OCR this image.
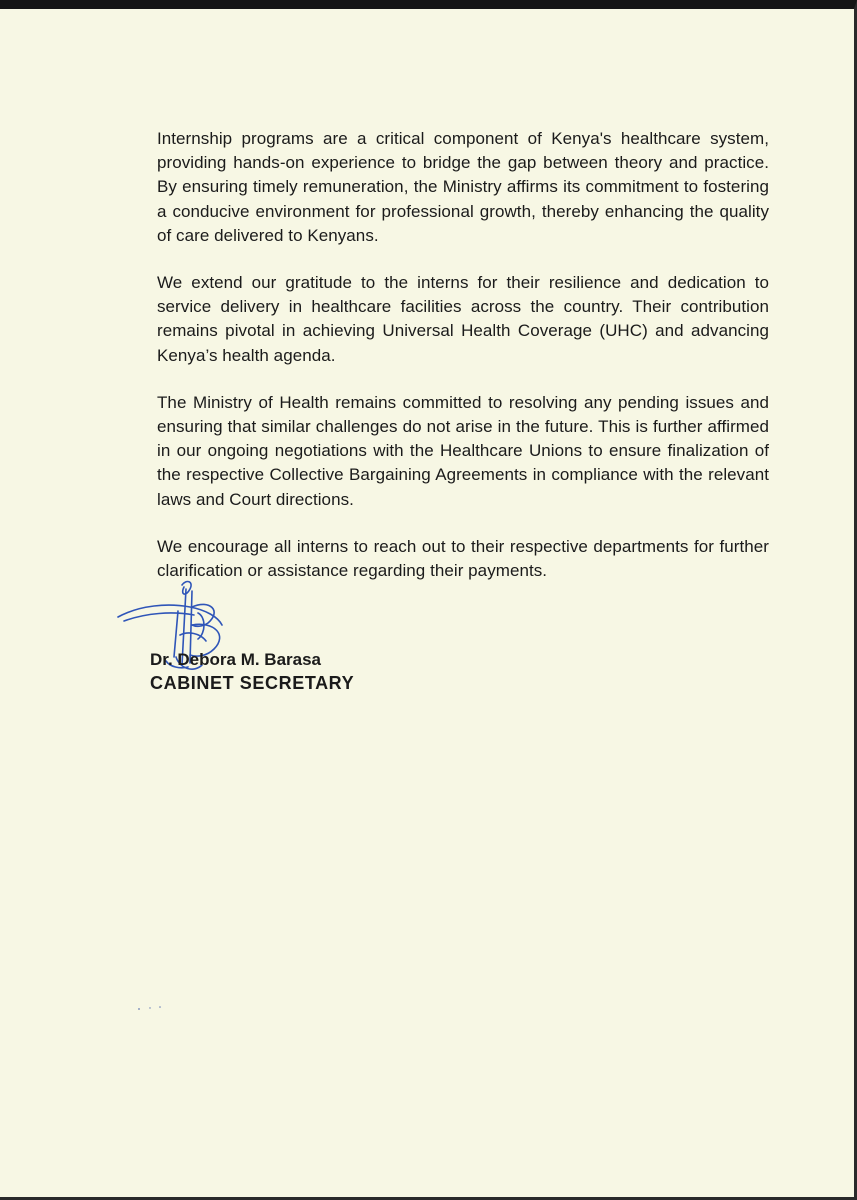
Internship programs are a critical component of Kenya's healthcare system, providing hands-on experience to bridge the gap between theory and practice. By ensuring timely remuneration, the Ministry affirms its commitment to fostering a conducive environment for professional growth, thereby enhancing the quality of care delivered to Kenyans.

We extend our gratitude to the interns for their resilience and dedication to service delivery in healthcare facilities across the country. Their contribution remains pivotal in achieving Universal Health Coverage (UHC) and advancing Kenya’s health agenda.

The Ministry of Health remains committed to resolving any pending issues and ensuring that similar challenges do not arise in the future. This is further affirmed in our ongoing negotiations with the Healthcare Unions to ensure finalization of the respective Collective Bargaining Agreements in compliance with the relevant laws and Court directions.

We encourage all interns to reach out to their respective departments for further clarification or assistance regarding their payments.

Dr. Debora M. Barasa
CABINET SECRETARY
